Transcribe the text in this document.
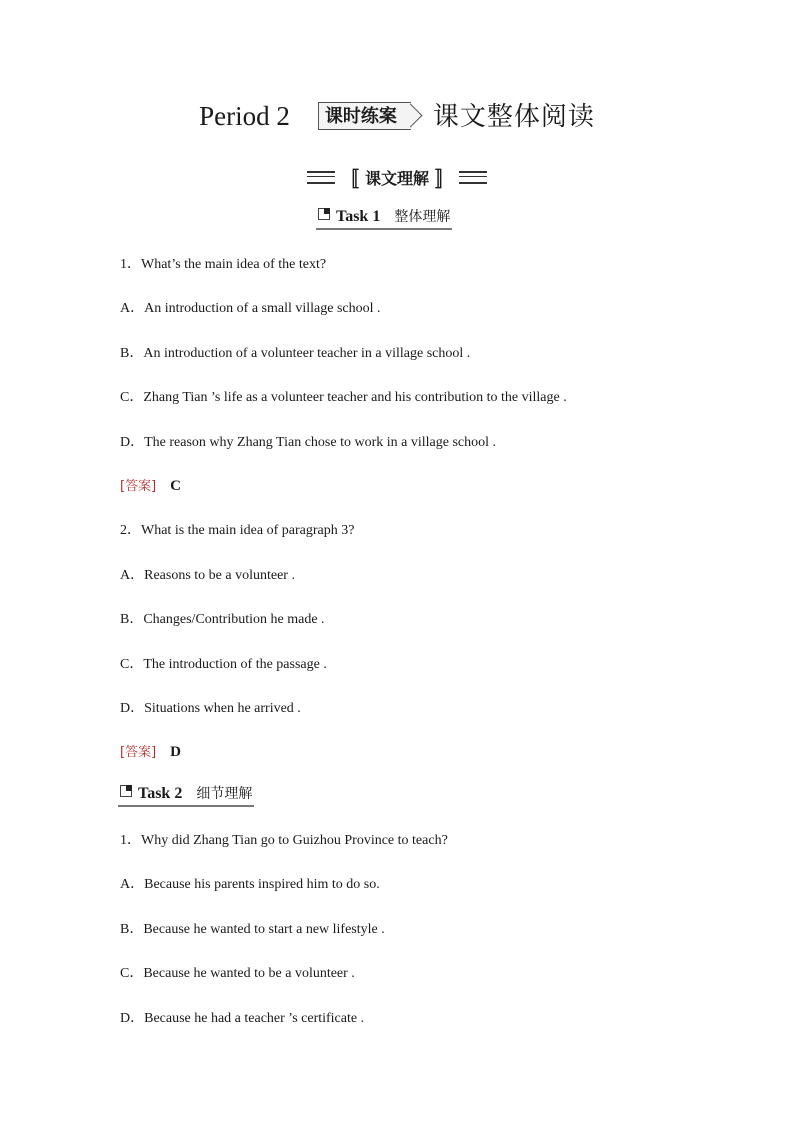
Period 2 课时练案 课文整体阅读
〚 课文理解 〛
Task 1 整体理解
1．What’s the main idea of the text?
A．An introduction of a small village school .
B．An introduction of a volunteer teacher in a village school .
C．Zhang Tian ’s life as a volunteer teacher and his contribution to the village .
D．The reason why Zhang Tian chose to work in a village school .
[答案] C
2．What is the main idea of paragraph 3?
A．Reasons to be a volunteer .
B．Changes/Contribution he made .
C．The introduction of the passage .
D．Situations when he arrived .
[答案] D
Task 2 细节理解
1．Why did Zhang Tian go to Guizhou Province to teach?
A．Because his parents inspired him to do so.
B．Because he wanted to start a new lifestyle .
C．Because he wanted to be a volunteer .
D．Because he had a teacher ’s certificate .
